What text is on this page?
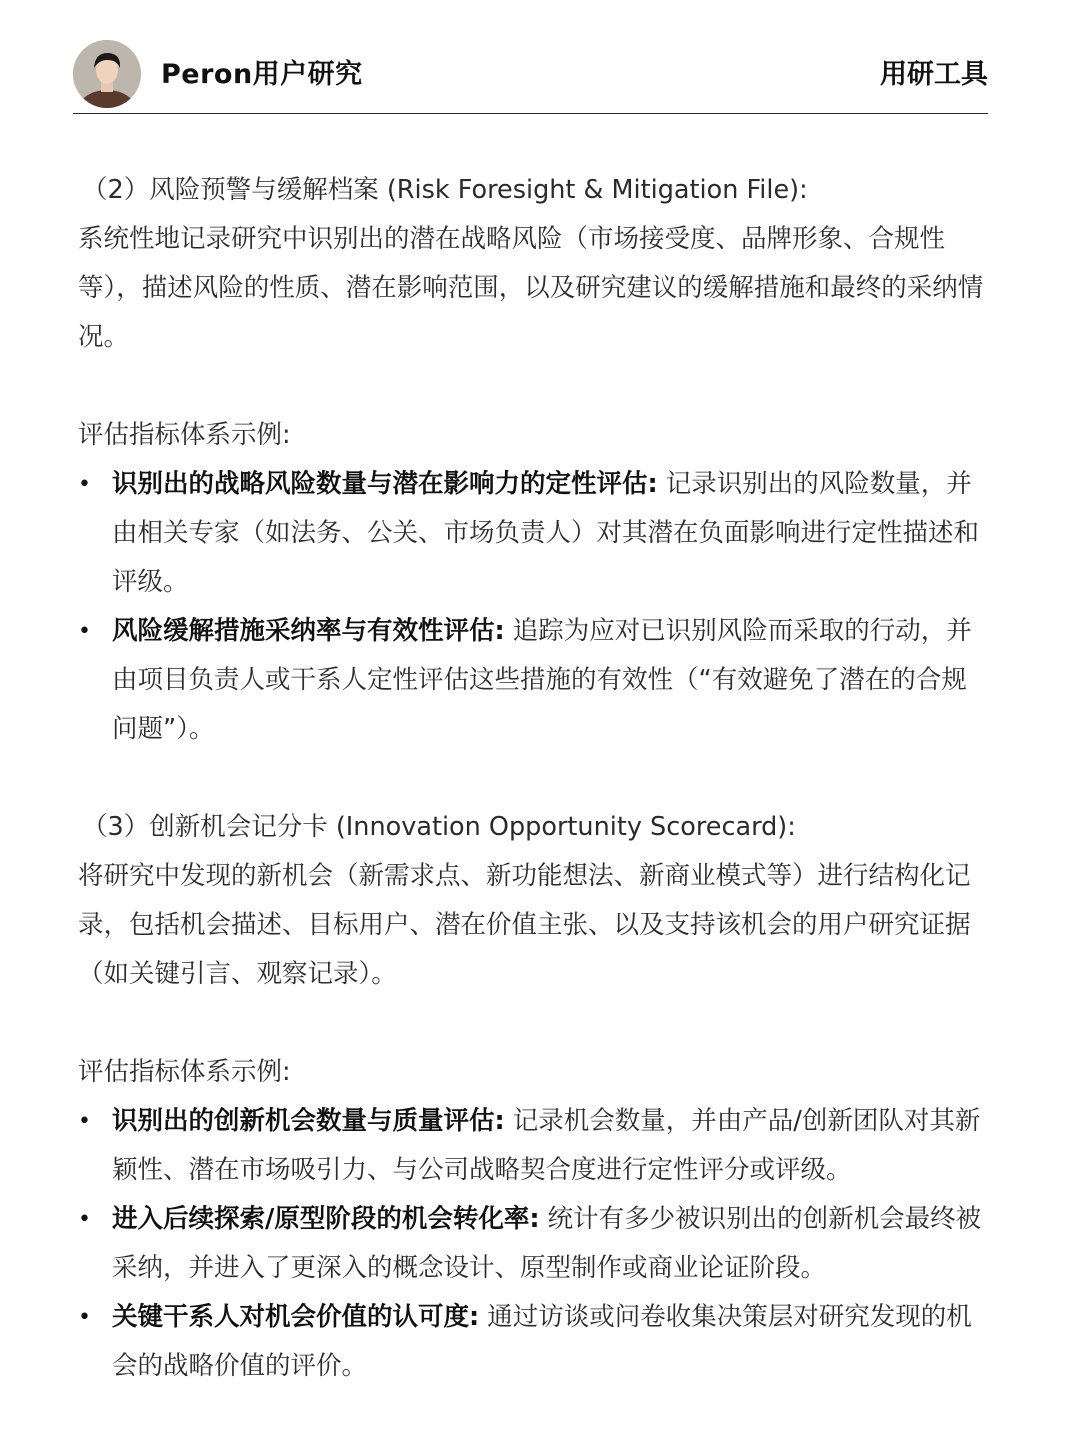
Peron用户研究	用研工具
（2）风险预警与缓解档案 (Risk Foresight & Mitigation File):
系统性地记录研究中识别出的潜在战略风险（市场接受度、品牌形象、合规性等），描述风险的性质、潜在影响范围，以及研究建议的缓解措施和最终的采纳情况。
评估指标体系示例:
• 识别出的战略风险数量与潜在影响力的定性评估: 记录识别出的风险数量，并由相关专家（如法务、公关、市场负责人）对其潜在负面影响进行定性描述和评级。
• 风险缓解措施采纳率与有效性评估: 追踪为应对已识别风险而采取的行动，并由项目负责人或干系人定性评估这些措施的有效性（“有效避免了潜在的合规问题”）。
（3）创新机会记分卡 (Innovation Opportunity Scorecard):
将研究中发现的新机会（新需求点、新功能想法、新商业模式等）进行结构化记录，包括机会描述、目标用户、潜在价值主张、以及支持该机会的用户研究证据（如关键引言、观察记录）。
评估指标体系示例:
• 识别出的创新机会数量与质量评估: 记录机会数量，并由产品/创新团队对其新颖性、潜在市场吸引力、与公司战略契合度进行定性评分或评级。
• 进入后续探索/原型阶段的机会转化率: 统计有多少被识别出的创新机会最终被采纳，并进入了更深入的概念设计、原型制作或商业论证阶段。
• 关键干系人对机会价值的认可度: 通过访谈或问卷收集决策层对研究发现的机会的战略价值的评价。
